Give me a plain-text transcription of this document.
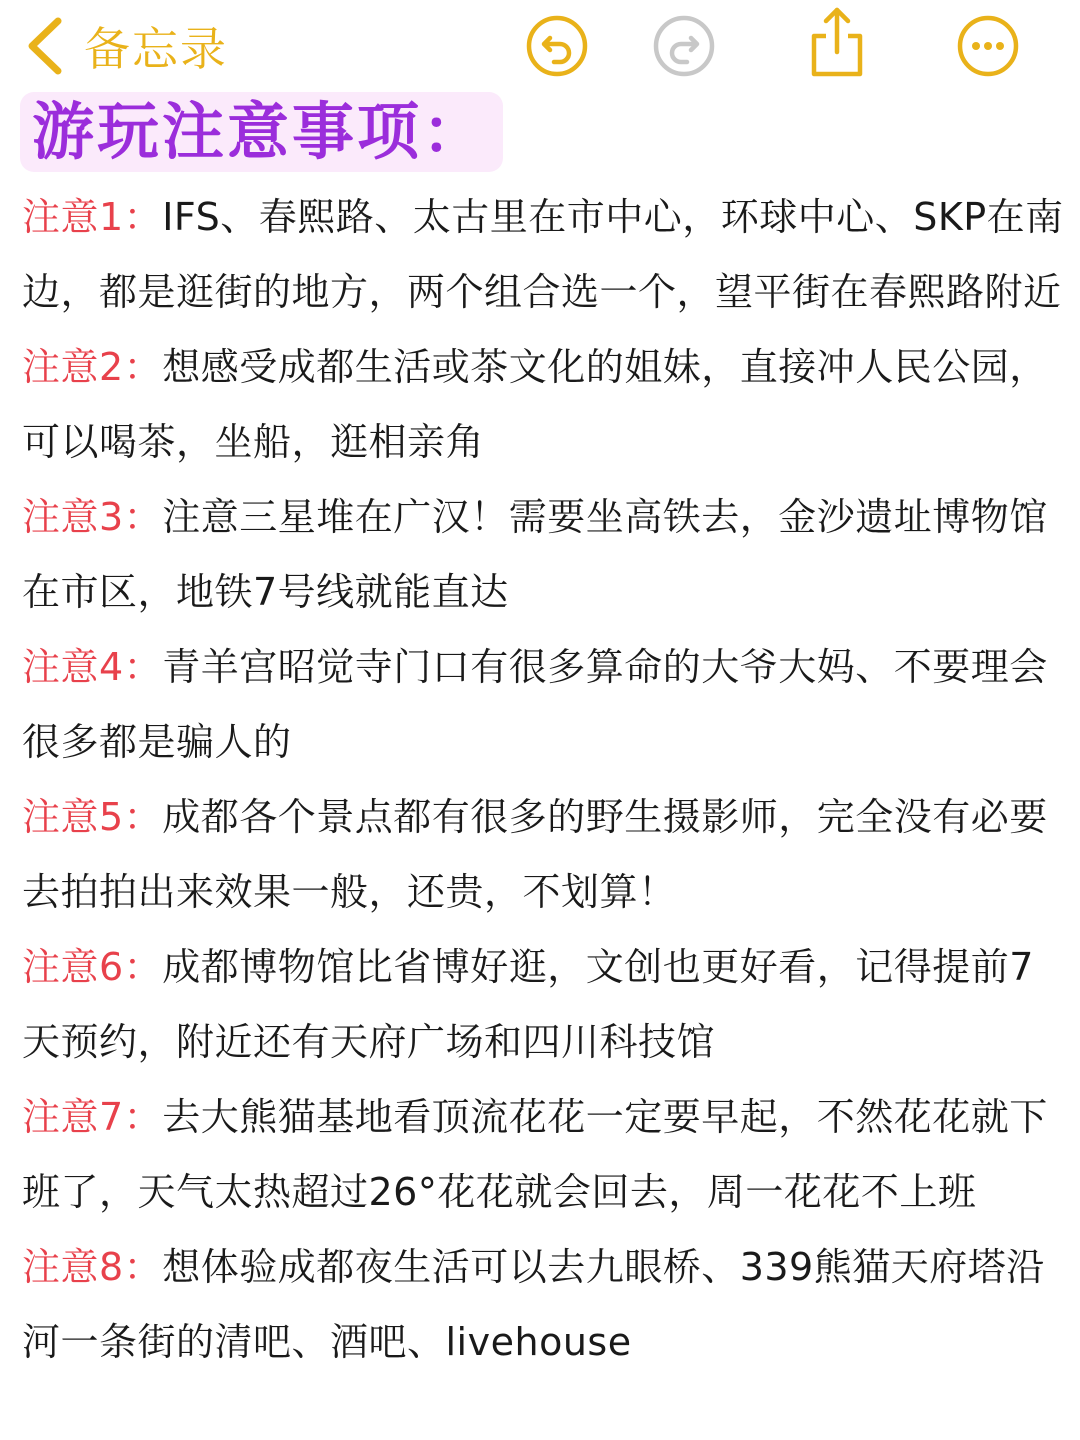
备忘录
游玩注意事项：
注意1：IFS、春熙路、太古里在市中心，环球中心、SKP在南边，都是逛街的地方，两个组合选一个，望平街在春熙路附近
注意2：想感受成都生活或茶文化的姐妹，直接冲人民公园，可以喝茶，坐船，逛相亲角
注意3：注意三星堆在广汉！需要坐高铁去，金沙遗址博物馆在市区，地铁7号线就能直达
注意4：青羊宫昭觉寺门口有很多算命的大爷大妈、不要理会很多都是骗人的
注意5：成都各个景点都有很多的野生摄影师，完全没有必要去拍拍出来效果一般，还贵，不划算！
注意6：成都博物馆比省博好逛，文创也更好看，记得提前7天预约，附近还有天府广场和四川科技馆
注意7：去大熊猫基地看顶流花花一定要早起，不然花花就下班了，天气太热超过26°花花就会回去，周一花花不上班
注意8：想体验成都夜生活可以去九眼桥、339熊猫天府塔沿河一条街的清吧、酒吧、livehouse
